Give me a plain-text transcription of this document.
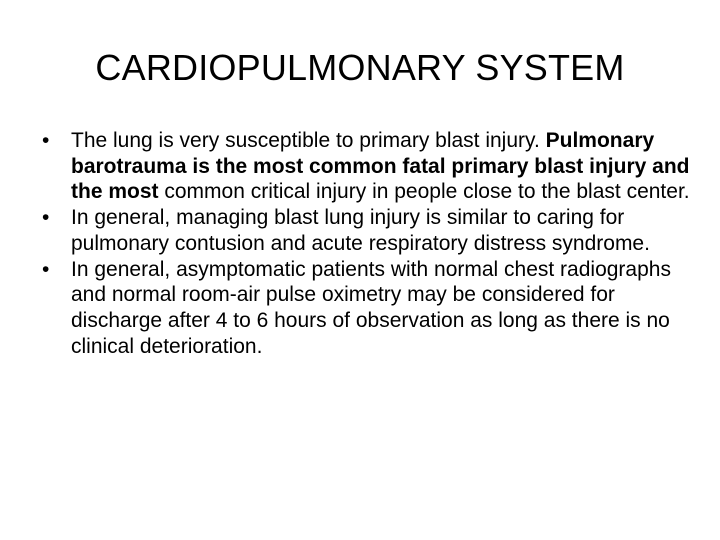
CARDIOPULMONARY SYSTEM
•	The lung is very susceptible to primary blast injury. Pulmonary barotrauma is the most common fatal primary blast injury and the most common critical injury in people close to the blast center.
•	In general, managing blast lung injury is similar to caring for pulmonary contusion and acute respiratory distress syndrome.
•	In general, asymptomatic patients with normal chest radiographs and normal room-air pulse oximetry may be considered for discharge after 4 to 6 hours of observation as long as there is no clinical deterioration.
